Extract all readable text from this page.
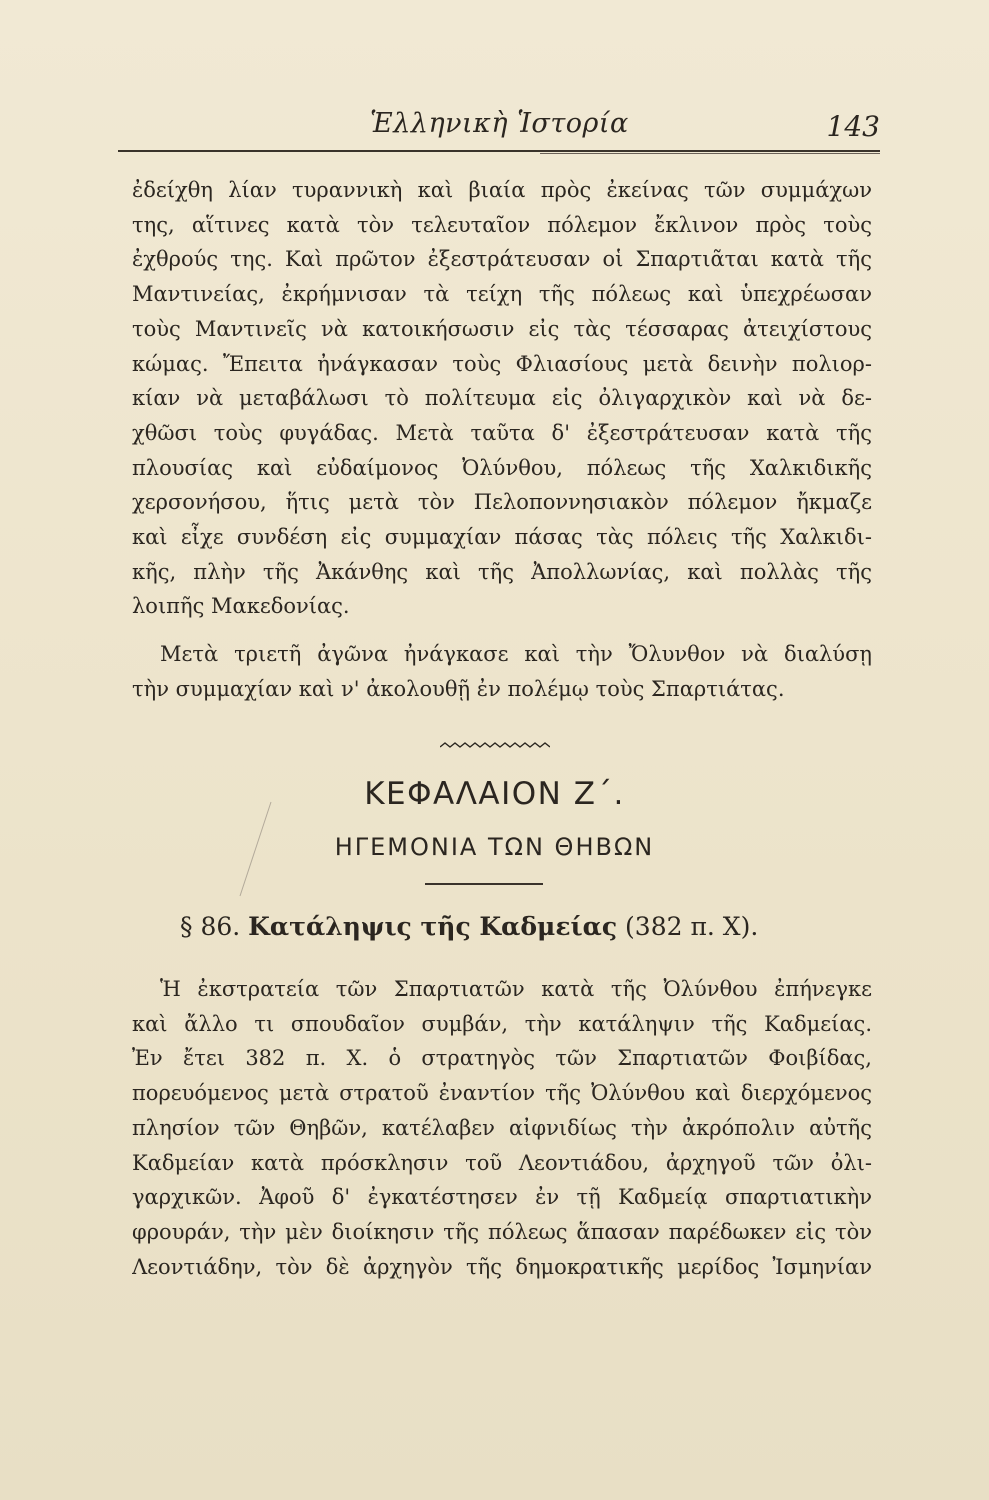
Ἑλληνικὴ Ἱστορία	143
ἐδείχθη λίαν τυραννικὴ καὶ βιαία πρὸς ἐκείνας τῶν συμμάχων
της, αἵτινες κατὰ τὸν τελευταῖον πόλεμον ἔκλινον πρὸς τοὺς
ἐχθρούς της. Καὶ πρῶτον ἐξεστράτευσαν οἱ Σπαρτιᾶται κατὰ τῆς
Μαντινείας, ἐκρήμνισαν τὰ τείχη τῆς πόλεως καὶ ὑπεχρέωσαν
τοὺς Μαντινεῖς νὰ κατοικήσωσιν εἰς τὰς τέσσαρας ἀτειχίστους
κώμας. Ἔπειτα ἠνάγκασαν τοὺς Φλιασίους μετὰ δεινὴν πολιορ-
κίαν νὰ μεταβάλωσι τὸ πολίτευμα εἰς ὀλιγαρχικὸν καὶ νὰ δε-
χθῶσι τοὺς φυγάδας. Μετὰ ταῦτα δ' ἐξεστράτευσαν κατὰ τῆς
πλουσίας καὶ εὐδαίμονος Ὀλύνθου, πόλεως τῆς Χαλκιδικῆς
χερσονήσου, ἥτις μετὰ τὸν Πελοποννησιακὸν πόλεμον ἤκμαζε
καὶ εἶχε συνδέση εἰς συμμαχίαν πάσας τὰς πόλεις τῆς Χαλκιδι-
κῆς, πλὴν τῆς Ἀκάνθης καὶ τῆς Ἀπολλωνίας, καὶ πολλὰς τῆς
λοιπῆς Μακεδονίας.
Μετὰ τριετῆ ἀγῶνα ἠνάγκασε καὶ τὴν Ὄλυνθον νὰ διαλύσῃ
τὴν συμμαχίαν καὶ ν' ἀκολουθῇ ἐν πολέμῳ τοὺς Σπαρτιάτας.
ΚΕΦΑΛΑΙΟΝ Ζ΄.
ΗΓΕΜΟΝΙΑ ΤΩΝ ΘΗΒΩΝ
§ 86. Κατάληψις τῆς Καδμείας (382 π. Χ).
Ἡ ἐκστρατεία τῶν Σπαρτιατῶν κατὰ τῆς Ὀλύνθου ἐπήνεγκε
καὶ ἄλλο τι σπουδαῖον συμβάν, τὴν κατάληψιν τῆς Καδμείας.
Ἐν ἔτει 382 π. Χ. ὁ στρατηγὸς τῶν Σπαρτιατῶν Φοιβίδας,
πορευόμενος μετὰ στρατοῦ ἐναντίον τῆς Ὀλύνθου καὶ διερχόμενος
πλησίον τῶν Θηβῶν, κατέλαβεν αἰφνιδίως τὴν ἀκρόπολιν αὐτῆς
Καδμείαν κατὰ πρόσκλησιν τοῦ Λεοντιάδου, ἀρχηγοῦ τῶν ὀλι-
γαρχικῶν. Ἀφοῦ δ' ἐγκατέστησεν ἐν τῇ Καδμείᾳ σπαρτιατικὴν
φρουράν, τὴν μὲν διοίκησιν τῆς πόλεως ἅπασαν παρέδωκεν εἰς τὸν
Λεοντιάδην, τὸν δὲ ἀρχηγὸν τῆς δημοκρατικῆς μερίδος Ἰσμηνίαν
